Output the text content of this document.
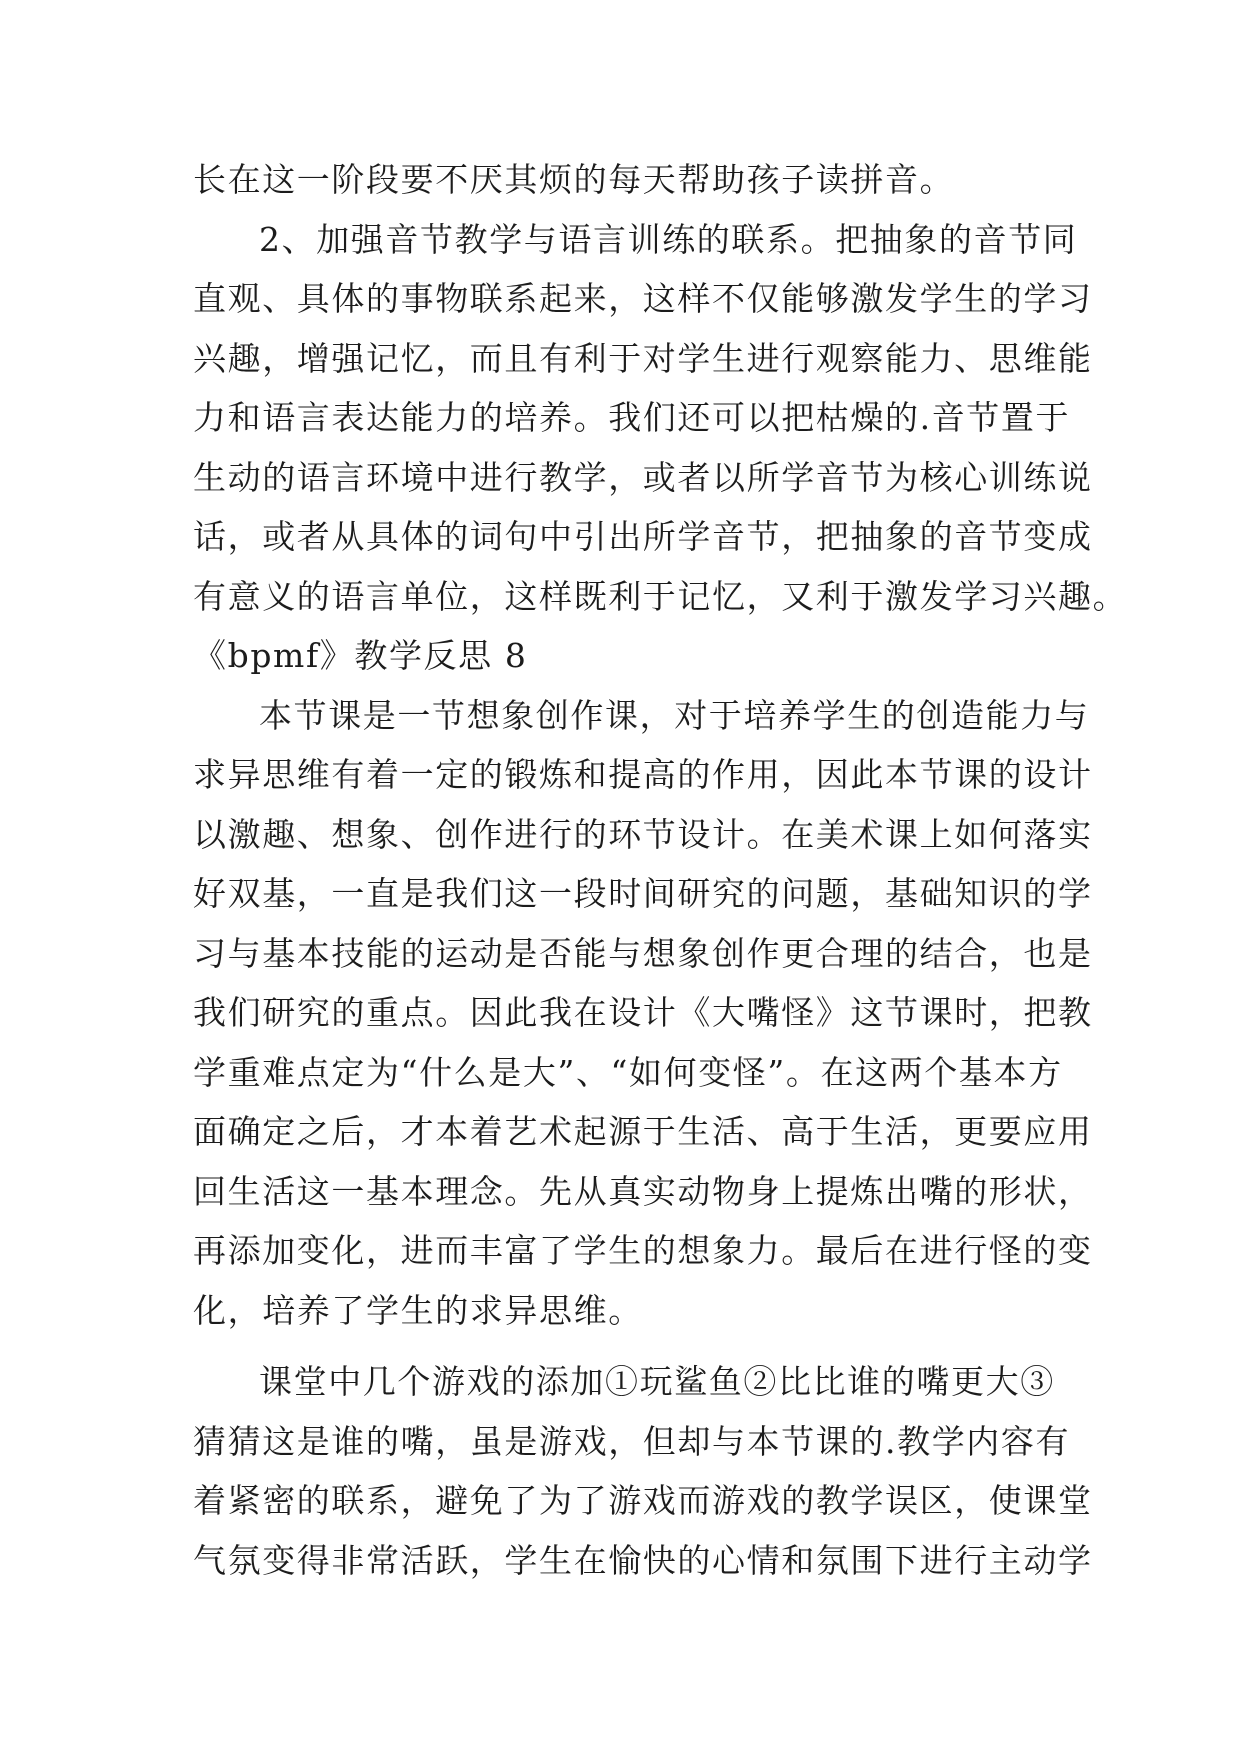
长在这一阶段要不厌其烦的每天帮助孩子读拼音。

2、加强音节教学与语言训练的联系。把抽象的音节同

直观、具体的事物联系起来，这样不仅能够激发学生的学习

兴趣，增强记忆，而且有利于对学生进行观察能力、思维能

力和语言表达能力的培养。我们还可以把枯燥的.音节置于

生动的语言环境中进行教学，或者以所学音节为核心训练说

话，或者从具体的词句中引出所学音节，把抽象的音节变成

有意义的语言单位，这样既利于记忆，又利于激发学习兴趣。

《bpmf》教学反思 8

本节课是一节想象创作课，对于培养学生的创造能力与

求异思维有着一定的锻炼和提高的作用，因此本节课的设计

以激趣、想象、创作进行的环节设计。在美术课上如何落实

好双基，一直是我们这一段时间研究的问题，基础知识的学

习与基本技能的运动是否能与想象创作更合理的结合，也是

我们研究的重点。因此我在设计《大嘴怪》这节课时，把教

学重难点定为“什么是大”、“如何变怪”。在这两个基本方

面确定之后，才本着艺术起源于生活、高于生活，更要应用

回生活这一基本理念。先从真实动物身上提炼出嘴的形状，

再添加变化，进而丰富了学生的想象力。最后在进行怪的变

化，培养了学生的求异思维。

课堂中几个游戏的添加①玩鲨鱼②比比谁的嘴更大③

猜猜这是谁的嘴，虽是游戏，但却与本节课的.教学内容有

着紧密的联系，避免了为了游戏而游戏的教学误区，使课堂

气氛变得非常活跃，学生在愉快的心情和氛围下进行主动学
